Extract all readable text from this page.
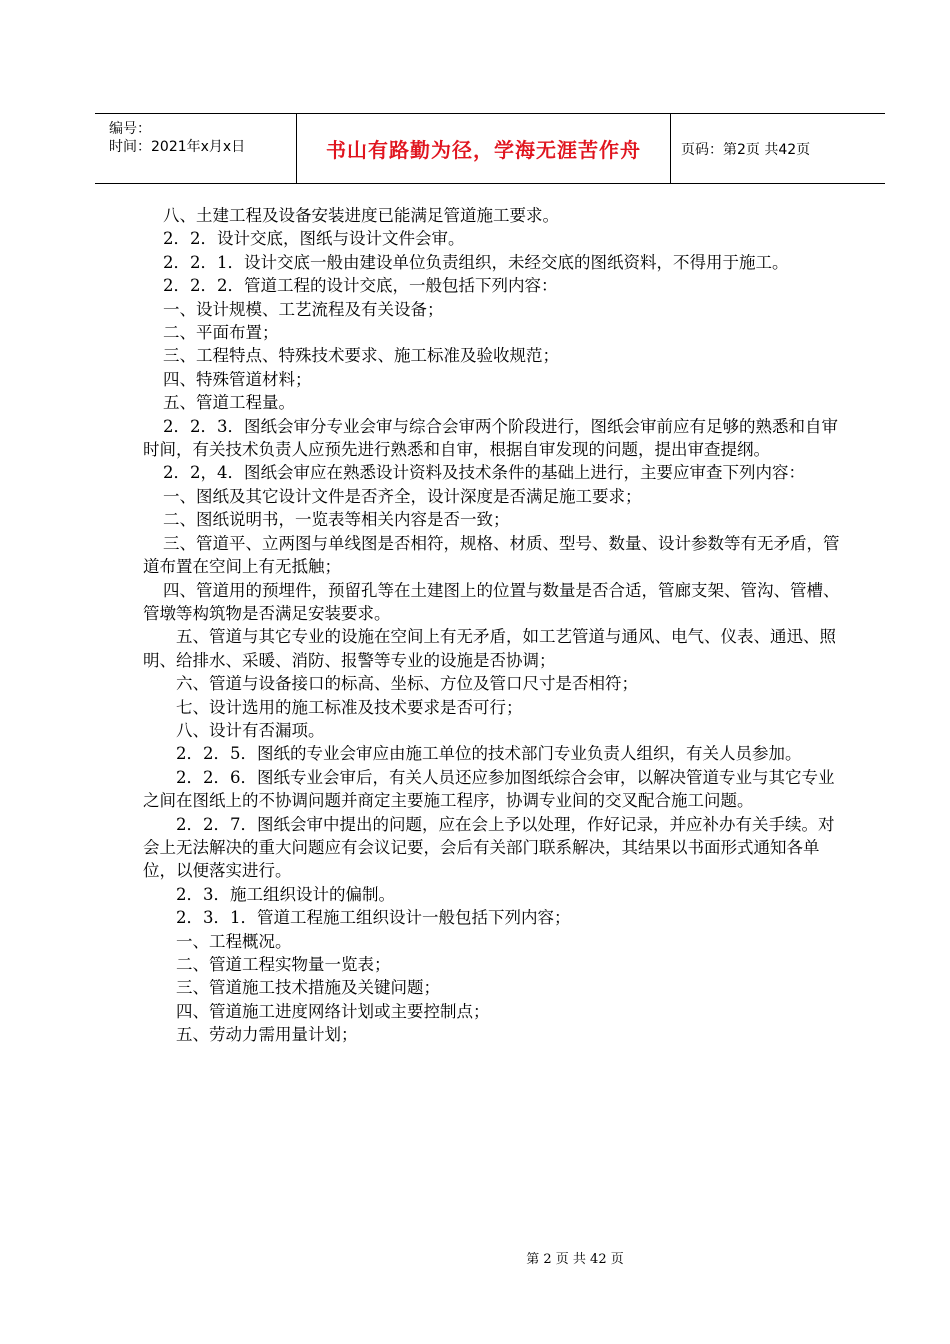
编号：
时间：2021年x月x日	书山有路勤为径，学海无涯苦作舟	页码：第2页 共42页

八、土建工程及设备安装进度已能满足管道施工要求。

2．2．设计交底，图纸与设计文件会审。

2．2．1．设计交底一般由建设单位负责组织，未经交底的图纸资料，不得用于施工。

2．2．2．管道工程的设计交底，一般包括下列内容：

一、设计规模、工艺流程及有关设备；

二、平面布置；

三、工程特点、特殊技术要求、施工标准及验收规范；

四、特殊管道材料；

五、管道工程量。

2．2．3．图纸会审分专业会审与综合会审两个阶段进行，图纸会审前应有足够的熟悉和自审时间，有关技术负责人应预先进行熟悉和自审，根据自审发现的问题，提出审查提纲。

2．2，4．图纸会审应在熟悉设计资料及技术条件的基础上进行，主要应审查下列内容：

一、图纸及其它设计文件是否齐全，设计深度是否满足施工要求；

二、图纸说明书，一览表等相关内容是否一致；

三、管道平、立两图与单线图是否相符，规格、材质、型号、数量、设计参数等有无矛盾，管道布置在空间上有无抵触；

四、管道用的预埋件，预留孔等在土建图上的位置与数量是否合适，管廊支架、管沟、管槽、管墩等构筑物是否满足安装要求。

五、管道与其它专业的设施在空间上有无矛盾，如工艺管道与通风、电气、仪表、通迅、照明、给排水、采暖、消防、报警等专业的设施是否协调；

六、管道与设备接口的标高、坐标、方位及管口尺寸是否相符；

七、设计选用的施工标准及技术要求是否可行；

八、设计有否漏项。

2．2．5．图纸的专业会审应由施工单位的技术部门专业负责人组织，有关人员参加。

2．2．6．图纸专业会审后，有关人员还应参加图纸综合会审，以解决管道专业与其它专业之间在图纸上的不协调问题并商定主要施工程序，协调专业间的交叉配合施工问题。

2．2．7．图纸会审中提出的问题，应在会上予以处理，作好记录，并应补办有关手续。对会上无法解决的重大问题应有会议记要，会后有关部门联系解决，其结果以书面形式通知各单位，以便落实进行。

2．3．施工组织设计的偏制。

2．3．1．管道工程施工组织设计一般包括下列内容；

一、工程概况。

二、管道工程实物量一览表；

三、管道施工技术措施及关键问题；

四、管道施工进度网络计划或主要控制点；

五、劳动力需用量计划；

第 2 页 共 42 页
